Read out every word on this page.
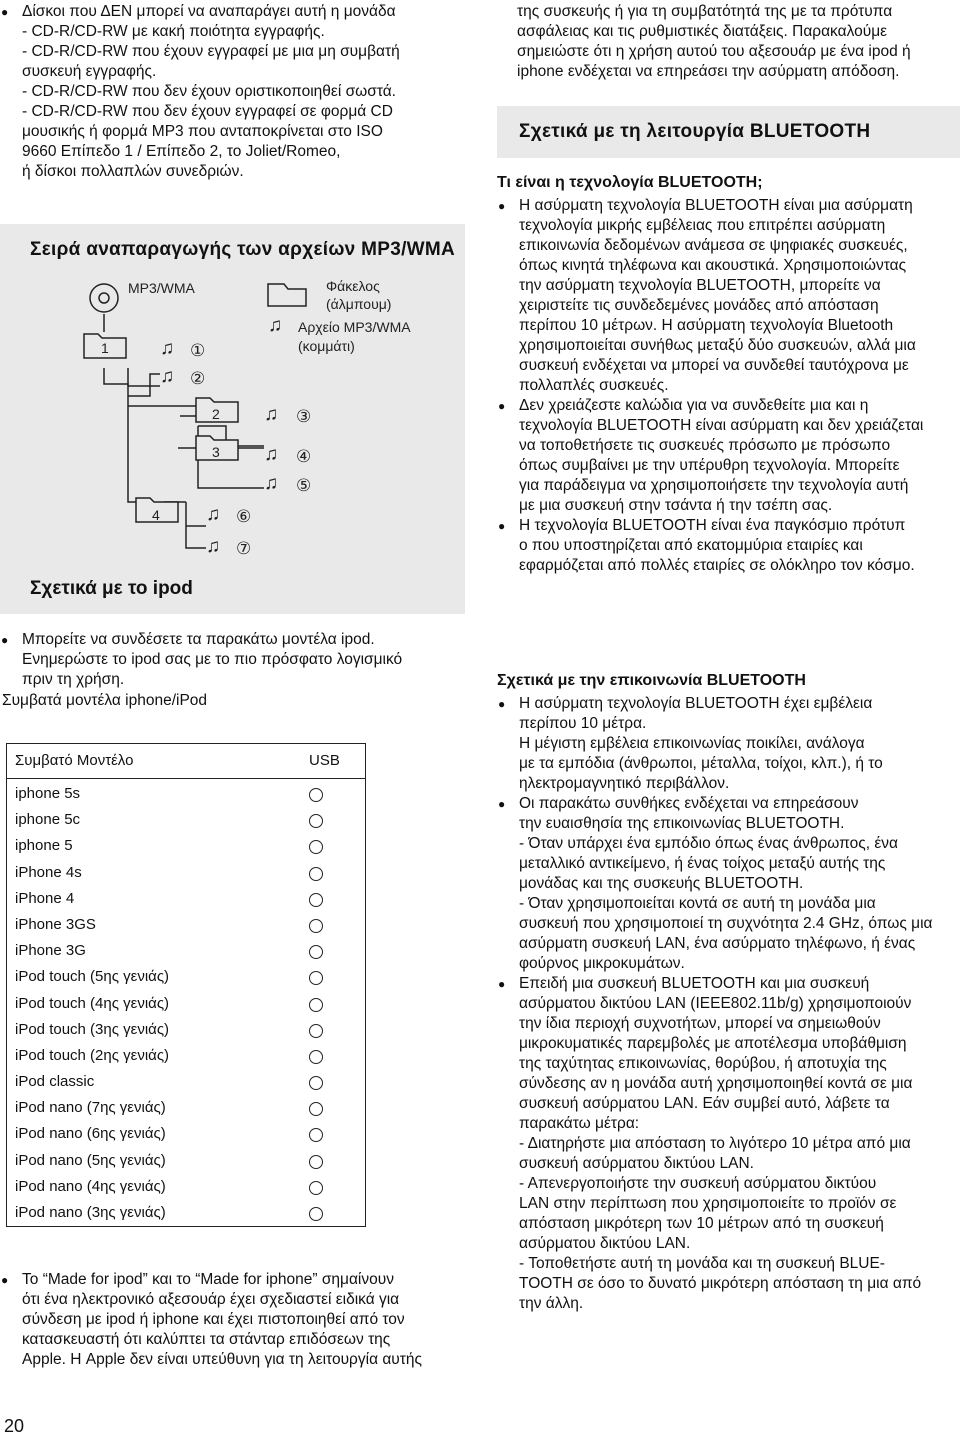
● Δίσκοι που ΔΕΝ μπορεί να αναπαράγει αυτή η μονάδα
- CD-R/CD-RW με κακή ποιότητα εγγραφής.
- CD-R/CD-RW που έχουν εγγραφεί με μια μη συμβατή
συσκευή εγγραφής.
- CD-R/CD-RW που δεν έχουν οριστικοποιηθεί σωστά.
- CD-R/CD-RW που δεν έχουν εγγραφεί σε φορμά CD
μουσικής ή φορμά MP3 που ανταποκρίνεται στο ISO
9660 Επίπεδο 1 / Επίπεδο 2, το Joliet/Romeo,
ή δίσκοι πολλαπλών συνεδριών.
Σειρά αναπαραγωγής των αρχείων MP3/WMA
MP3/WMA	Φάκελος
(άλμπουμ)
Αρχείο MP3/WMA
(κομμάτι)
♫
1
2
3
4
♫ ①
♫ ②
♫ ③
♫ ④
♫ ⑤
♫ ⑥
♫ ⑦
Σχετικά με το ipod
● Μπορείτε να συνδέσετε τα παρακάτω μοντέλα ipod.
Ενημερώστε το ipod σας με το πιο πρόσφατο λογισμικό
πριν τη χρήση.
Συμβατά μοντέλα iphone/iPod
Συμβατό Μοντέλο	USB
iphone 5s
iphone 5c
iphone 5
iPhone 4s
iPhone 4
iPhone 3GS
iPhone 3G
iPod touch (5ης γενιάς)
iPod touch (4ης γενιάς)
iPod touch (3ης γενιάς)
iPod touch (2ης γενιάς)
iPod classic
iPod nano (7ης γενιάς)
iPod nano (6ης γενιάς)
iPod nano (5ης γενιάς)
iPod nano (4ης γενιάς)
iPod nano (3ης γενιάς)
● Το “Made for ipod” και το “Made for iphone” σημαίνουν
ότι ένα ηλεκτρονικό αξεσουάρ έχει σχεδιαστεί ειδικά για
σύνδεση με ipod ή iphone και έχει πιστοποιηθεί από τον
κατασκευαστή ότι καλύπτει τα στάνταρ επιδόσεων της
Apple. Η Apple δεν είναι υπεύθυνη για τη λειτουργία αυτής
20
της συσκευής ή για τη συμβατότητά της με τα πρότυπα
ασφάλειας και τις ρυθμιστικές διατάξεις. Παρακαλούμε
σημειώστε ότι η χρήση αυτού του αξεσουάρ με ένα ipod ή
iphone ενδέχεται να επηρεάσει την ασύρματη απόδοση.
Σχετικά με τη λειτουργία BLUETOOTH
Τι είναι η τεχνολογία BLUETOOTH;
● Η ασύρματη τεχνολογία BLUETOOTH είναι μια ασύρματη
τεχνολογία μικρής εμβέλειας που επιτρέπει ασύρματη
επικοινωνία δεδομένων ανάμεσα σε ψηφιακές συσκευές,
όπως κινητά τηλέφωνα και ακουστικά. Χρησιμοποιώντας
την ασύρματη τεχνολογία BLUETOOTH, μπορείτε να
χειριστείτε τις συνδεδεμένες μονάδες από απόσταση
περίπου 10 μέτρων. Η ασύρματη τεχνολογία Bluetooth
χρησιμοποιείται συνήθως μεταξύ δύο συσκευών, αλλά μια
συσκευή ενδέχεται να μπορεί να συνδεθεί ταυτόχρονα με
πολλαπλές συσκευές.
● Δεν χρειάζεστε καλώδια για να συνδεθείτε μια και η
τεχνολογία BLUETOOTH είναι ασύρματη και δεν χρειάζεται
να τοποθετήσετε τις συσκευές πρόσωπο με πρόσωπο
όπως συμβαίνει με την υπέρυθρη τεχνολογία. Μπορείτε
για παράδειγμα να χρησιμοποιήσετε την τεχνολογία αυτή
με μια συσκευή στην τσάντα ή την τσέπη σας.
● Η τεχνολογία BLUETOOTH είναι ένα παγκόσμιο πρότυπ
ο που υποστηρίζεται από εκατομμύρια εταιρίες και
εφαρμόζεται από πολλές εταιρίες σε ολόκληρο τον κόσμο.
Σχετικά με την επικοινωνία BLUETOOTH
● Η ασύρματη τεχνολογία BLUETOOTH έχει εμβέλεια
περίπου 10 μέτρα.
Η μέγιστη εμβέλεια επικοινωνίας ποικίλει, ανάλογα
με τα εμπόδια (άνθρωποι, μέταλλα, τοίχοι, κλπ.), ή το
ηλεκτρομαγνητικό περιβάλλον.
● Οι παρακάτω συνθήκες ενδέχεται να επηρεάσουν
την ευαισθησία της επικοινωνίας BLUETOOTH.
- Όταν υπάρχει ένα εμπόδιο όπως ένας άνθρωπος, ένα
μεταλλικό αντικείμενο, ή ένας τοίχος μεταξύ αυτής της
μονάδας και της συσκευής BLUETOOTH.
- Όταν χρησιμοποιείται κοντά σε αυτή τη μονάδα μια
συσκευή που χρησιμοποιεί τη συχνότητα 2.4 GHz, όπως μια
ασύρματη συσκευή LAN, ένα ασύρματο τηλέφωνο, ή ένας
φούρνος μικροκυμάτων.
● Επειδή μια συσκευή BLUETOOTH και μια συσκευή
ασύρματου δικτύου LAN (IEEE802.11b/g) χρησιμοποιούν
την ίδια περιοχή συχνοτήτων, μπορεί να σημειωθούν
μικροκυματικές παρεμβολές με αποτέλεσμα υποβάθμιση
της ταχύτητας επικοινωνίας, θορύβου, ή αποτυχία της
σύνδεσης αν η μονάδα αυτή χρησιμοποιηθεί κοντά σε μια
συσκευή ασύρματου LAN. Εάν συμβεί αυτό, λάβετε τα
παρακάτω μέτρα:
- Διατηρήστε μια απόσταση το λιγότερο 10 μέτρα από μια
συσκευή ασύρματου δικτύου LAN.
- Απενεργοποιήστε την συσκευή ασύρματου δικτύου
LAN στην περίπτωση που χρησιμοποιείτε το προϊόν σε
απόσταση μικρότερη των 10 μέτρων από τη συσκευή
ασύρματου δικτύου LAN.
- Τοποθετήστε αυτή τη μονάδα και τη συσκευή BLUE-
TOOTH σε όσο το δυνατό μικρότερη απόσταση τη μια από
την άλλη.
